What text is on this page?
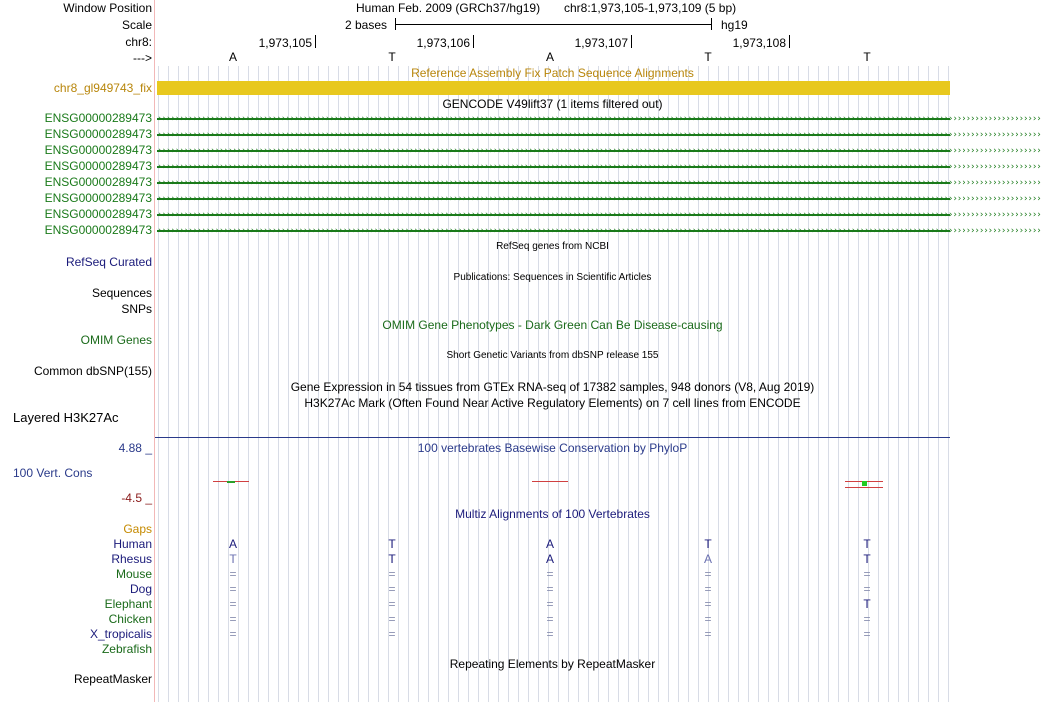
Window Position
Scale
chr8:
--->
chr8_gl949743_fix
ENSG00000289473
ENSG00000289473
ENSG00000289473
ENSG00000289473
ENSG00000289473
ENSG00000289473
ENSG00000289473
ENSG00000289473
RefSeq Curated
Sequences
SNPs
OMIM Genes
Common dbSNP(155)
Layered H3K27Ac
4.88 _
100 Vert. Cons
-4.5 _
Gaps
Human
Rhesus
Mouse
Dog
Elephant
Chicken
X_tropicalis
Zebrafish
RepeatMasker
Human Feb. 2009 (GRCh37/hg19) chr8:1,973,105-1,973,109 (5 bp)
2 bases	hg19
1,973,105	1,973,106	1,973,107	1,973,108
A	T	A	T	T
Reference Assembly Fix Patch Sequence Alignments
GENCODE V49lift37 (1 items filtered out)
››››››››››››››››››››››››››››››››››››››››››››››››››››››››››››››››››››››››››››››››››››››››››››››››››››››››››››››››››››››››››››››››››››››››››››››››››››››››››››››››››››››››››››››››››››››››››››››››››››››››
››››››››››››››››››››››››››››››››››››››››››››››››››››››››››››››››››››››››››››››››››››››››››››››››››››››››››››››››››››››››››››››››››››››››››››››››››››››››››››››››››››››››››››››››››››››››››››››››››››››››
››››››››››››››››››››››››››››››››››››››››››››››››››››››››››››››››››››››››››››››››››››››››››››››››››››››››››››››››››››››››››››››››››››››››››››››››››››››››››››››››››››››››››››››››››››››››››››››››››››››››
››››››››››››››››››››››››››››››››››››››››››››››››››››››››››››››››››››››››››››››››››››››››››››››››››››››››››››››››››››››››››››››››››››››››››››››››››››››››››››››››››››››››››››››››››››››››››››››››››››››››
››››››››››››››››››››››››››››››››››››››››››››››››››››››››››››››››››››››››››››››››››››››››››››››››››››››››››››››››››››››››››››››››››››››››››››››››››››››››››››››››››››››››››››››››››››››››››››››››››››››››
››››››››››››››››››››››››››››››››››››››››››››››››››››››››››››››››››››››››››››››››››››››››››››››››››››››››››››››››››››››››››››››››››››››››››››››››››››››››››››››››››››››››››››››››››››››››››››››››››››››››
››››››››››››››››››››››››››››››››››››››››››››››››››››››››››››››››››››››››››››››››››››››››››››››››››››››››››››››››››››››››››››››››››››››››››››››››››››››››››››››››››››››››››››››››››››››››››››››››››››››››
››››››››››››››››››››››››››››››››››››››››››››››››››››››››››››››››››››››››››››››››››››››››››››››››››››››››››››››››››››››››››››››››››››››››››››››››››››››››››››››››››››››››››››››››››››››››››››››››››››››››
RefSeq genes from NCBI
Publications: Sequences in Scientific Articles
OMIM Gene Phenotypes - Dark Green Can Be Disease-causing
Short Genetic Variants from dbSNP release 155
Gene Expression in 54 tissues from GTEx RNA-seq of 17382 samples, 948 donors (V8, Aug 2019)
H3K27Ac Mark (Often Found Near Active Regulatory Elements) on 7 cell lines from ENCODE
100 vertebrates Basewise Conservation by PhyloP
Multiz Alignments of 100 Vertebrates
A	T	A	T	T
T	T	A	A	T
=	=	=	=	=
=	=	=	=	=
=	=	=	=	T
=	=	=	=	=
=	=	=	=	=
Repeating Elements by RepeatMasker
